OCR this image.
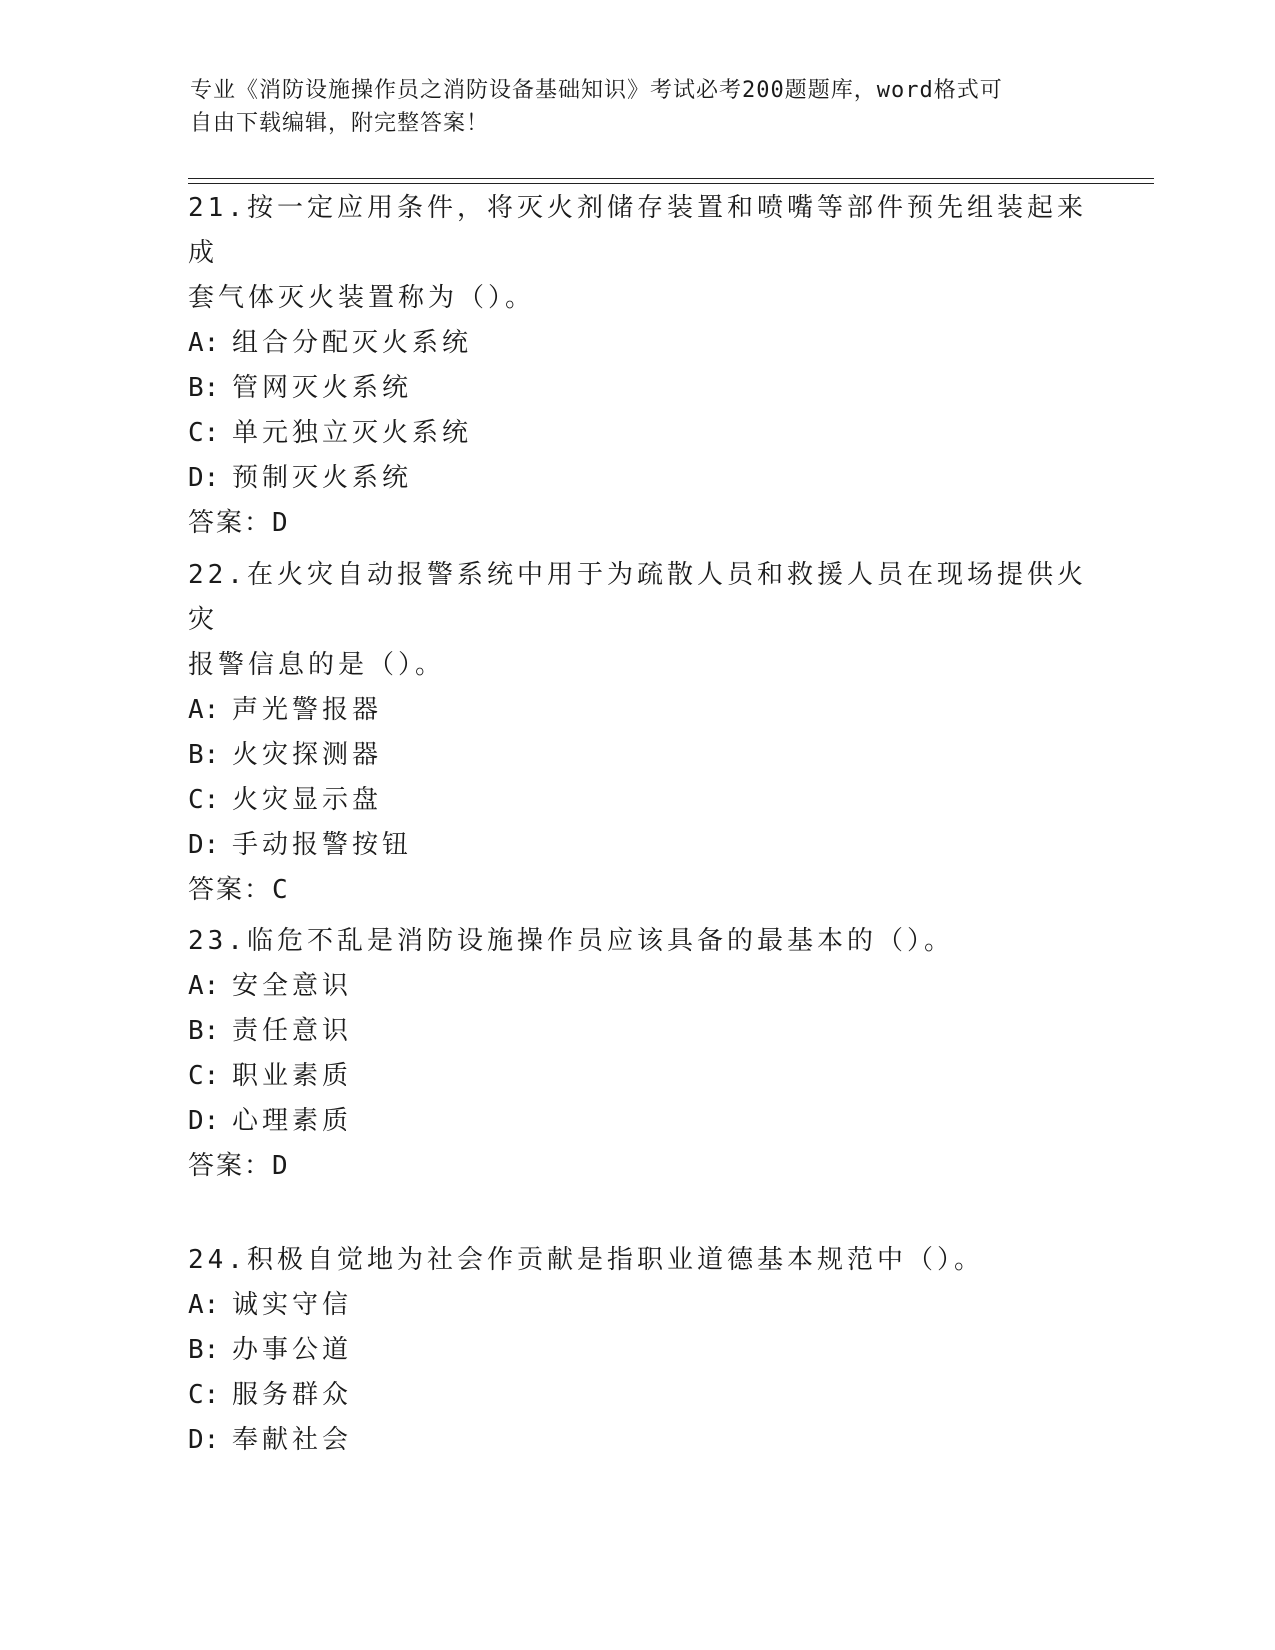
专业《消防设施操作员之消防设备基础知识》考试必考200题题库，word格式可
自由下载编辑，附完整答案！

21.按一定应用条件，将灭火剂储存装置和喷嘴等部件预先组装起来成

套气体灭火装置称为（）。

A: 组合分配灭火系统

B: 管网灭火系统

C: 单元独立灭火系统

D: 预制灭火系统

答案：D

22.在火灾自动报警系统中用于为疏散人员和救援人员在现场提供火灾

报警信息的是（）。

A: 声光警报器

B: 火灾探测器

C: 火灾显示盘

D: 手动报警按钮

答案：C

23.临危不乱是消防设施操作员应该具备的最基本的（）。

A: 安全意识

B: 责任意识

C: 职业素质

D: 心理素质

答案：D

24.积极自觉地为社会作贡献是指职业道德基本规范中（）。

A: 诚实守信

B: 办事公道

C: 服务群众

D: 奉献社会
